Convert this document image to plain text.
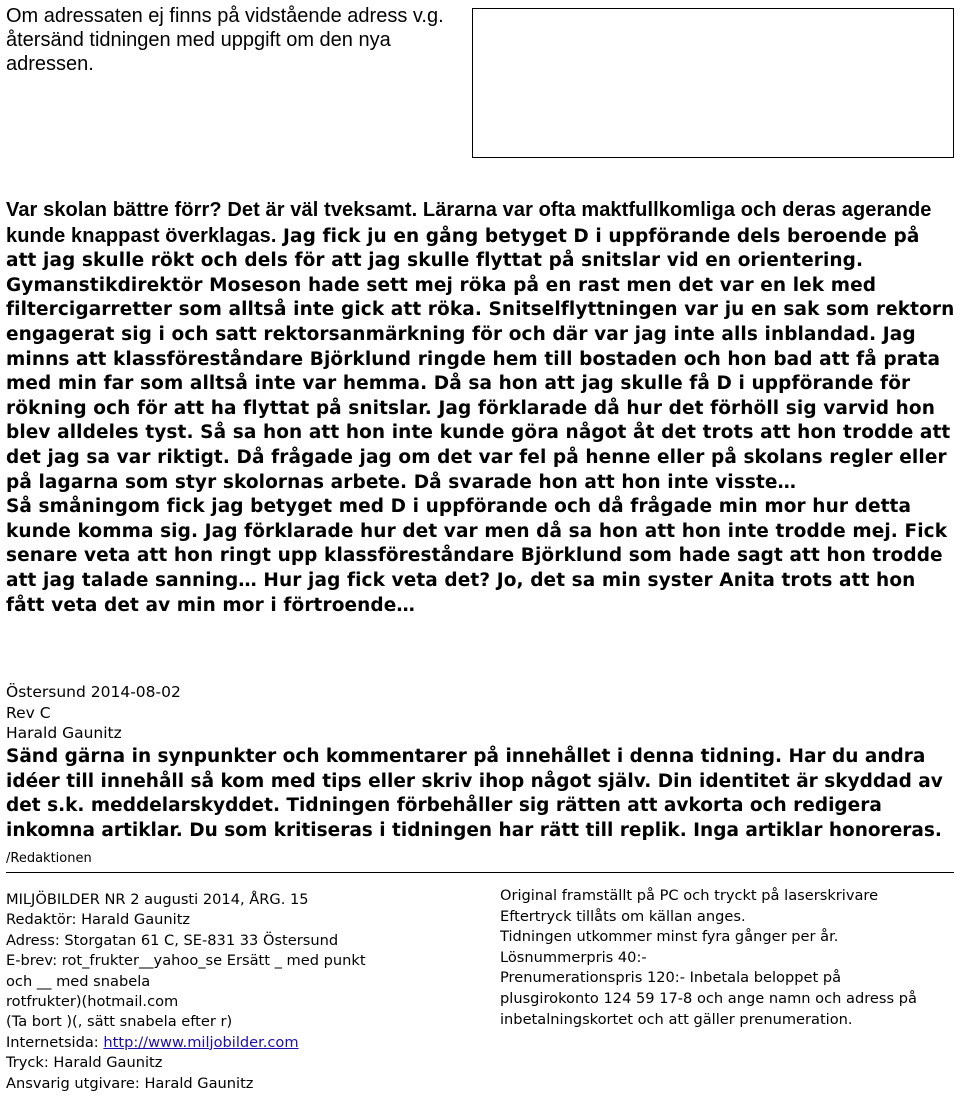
Om adressaten ej finns på vidstående adress v.g. återsänd tidningen med uppgift om den nya adressen.

Var skolan bättre förr? Det är väl tveksamt. Lärarna var ofta maktfullkomliga och deras agerande kunde knappast överklagas. Jag fick ju en gång betyget D i uppförande dels beroende på att jag skulle rökt och dels för att jag skulle flyttat på snitslar vid en orientering. Gymanstikdirektör Moseson hade sett mej röka på en rast men det var en lek med filtercigarretter som alltså inte gick att röka. Snitselflyttningen var ju en sak som rektorn engagerat sig i och satt rektorsanmärkning för och där var jag inte alls inblandad. Jag minns att klassföreståndare Björklund ringde hem till bostaden och hon bad att få prata med min far som alltså inte var hemma. Då sa hon att jag skulle få D i uppförande för rökning och för att ha flyttat på snitslar. Jag förklarade då hur det förhöll sig varvid hon blev alldeles tyst. Så sa hon att hon inte kunde göra något åt det trots att hon trodde att det jag sa var riktigt. Då frågade jag om det var fel på henne eller på skolans regler eller på lagarna som styr skolornas arbete. Då svarade hon att hon inte visste…

Så småningom fick jag betyget med D i uppförande och då frågade min mor hur detta kunde komma sig. Jag förklarade hur det var men då sa hon att hon inte trodde mej. Fick senare veta att hon ringt upp klassföreståndare Björklund som hade sagt att hon trodde att jag talade sanning… Hur jag fick veta det? Jo, det sa min syster Anita trots att hon fått veta det av min mor i förtroende…

Östersund 2014-08-02
Rev C
Harald Gaunitz
Sänd gärna in synpunkter och kommentarer på innehållet i denna tidning. Har du andra idéer till innehåll så kom med tips eller skriv ihop något själv. Din identitet är skyddad av det s.k. meddelarskyddet. Tidningen förbehåller sig rätten att avkorta och redigera inkomna artiklar. Du som kritiseras i tidningen har rätt till replik. Inga artiklar honoreras. /Redaktionen
MILJÖBILDER NR 2 augusti 2014, ÅRG. 15
Redaktör: Harald Gaunitz
Adress: Storgatan 61 C, SE-831 33 Östersund
E-brev: rot_frukter__yahoo_se Ersätt _ med punkt
och __ med snabela
rotfrukter)(hotmail.com
(Ta bort )(, sätt snabela efter r)
Internetsida: http://www.miljobilder.com
Tryck: Harald Gaunitz
Ansvarig utgivare: Harald Gaunitz
Original framställt på PC och tryckt på laserskrivare
Eftertryck tillåts om källan anges.
Tidningen utkommer minst fyra gånger per år.
Lösnummerpris 40:-
Prenumerationspris 120:- Inbetala beloppet på plusgirokonto 124 59 17-8 och ange namn och adress på inbetalningskortet och att gäller prenumeration.
